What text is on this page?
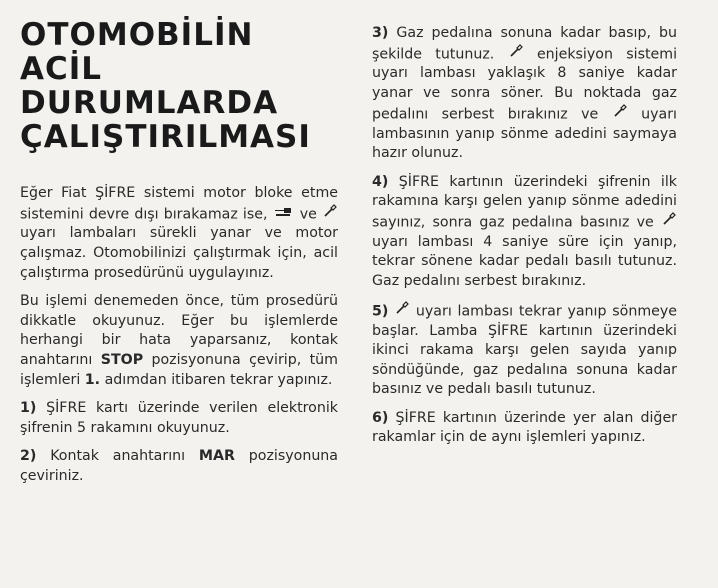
OTOMOBİLİN
ACİL
DURUMLARDA
ÇALIŞTIRILMASI

Eğer Fiat ŞİFRE sistemi motor bloke etme sistemini devre dışı bırakamaz ise, ve  uyarı lambaları sürekli yanar ve motor çalışmaz. Otomobilinizi çalıştırmak için, acil çalıştırma prosedürünü uygulayınız.

Bu işlemi denemeden önce, tüm prosedürü dikkatle okuyunuz. Eğer bu işlemlerde herhangi bir hata yaparsanız, kontak anahtarını STOP pozisyonuna çevirip, tüm işlemleri 1. adımdan itibaren tekrar yapınız.

1) ŞİFRE kartı üzerinde verilen elektronik şifrenin 5 rakamını okuyunuz.

2) Kontak anahtarını MAR pozisyonuna çeviriniz.

3) Gaz pedalına sonuna kadar basıp, bu şekilde tutunuz.	enjeksiyon sistemi uyarı lambası yaklaşık 8 saniye kadar yanar ve sonra söner. Bu noktada gaz pedalını serbest bırakınız ve	uyarı lambasının yanıp sönme adedini saymaya hazır olunuz.

4) ŞİFRE kartının üzerindeki şifrenin ilk rakamına karşı gelen yanıp sönme adedini sayınız, sonra gaz pedalına basınız ve  uyarı lambası 4 saniye süre için yanıp, tekrar sönene kadar pedalı basılı tutunuz. Gaz pedalını serbest bırakınız.

5) uyarı lambası tekrar yanıp sönmeye başlar. Lamba ŞİFRE kartının üzerindeki ikinci rakama karşı gelen sayıda yanıp söndüğünde, gaz pedalına sonuna kadar basınız ve pedalı basılı tutunuz.

6) ŞİFRE kartının üzerinde yer alan diğer rakamlar için de aynı işlemleri yapınız.
